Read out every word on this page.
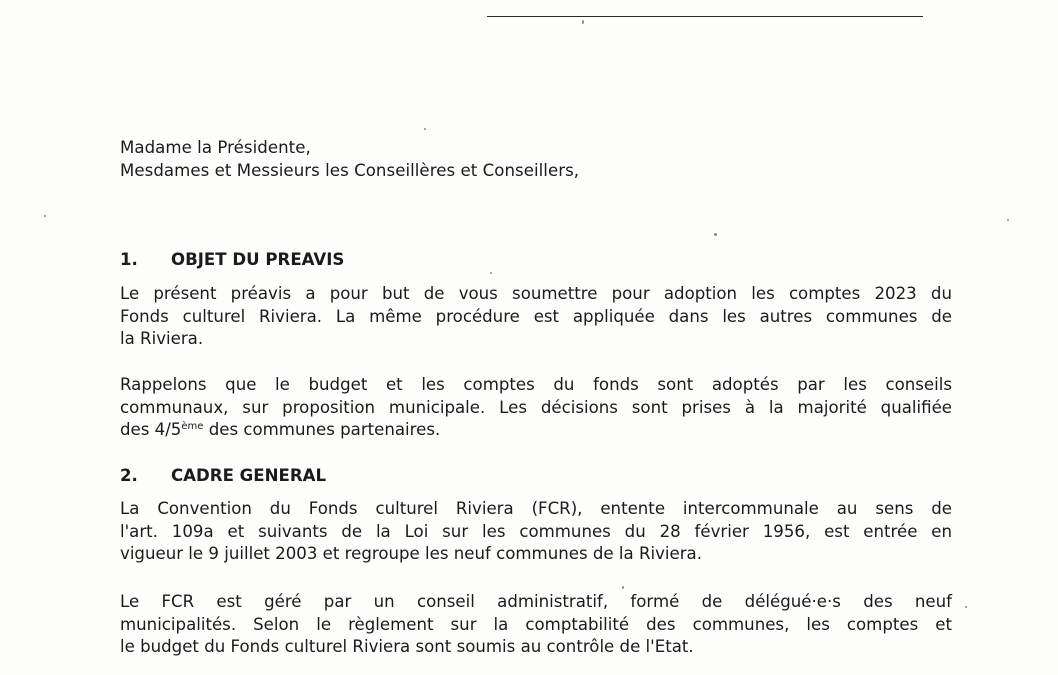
Madame la Présidente,
Mesdames et Messieurs les Conseillères et Conseillers,
1. OBJET DU PREAVIS
Le présent préavis a pour but de vous soumettre pour adoption les comptes 2023 du
Fonds culturel Riviera. La même procédure est appliquée dans les autres communes de
la Riviera.
Rappelons que le budget et les comptes du fonds sont adoptés par les conseils
communaux, sur proposition municipale. Les décisions sont prises à la majorité qualifiée
des 4/5ème des communes partenaires.
2. CADRE GENERAL
La Convention du Fonds culturel Riviera (FCR), entente intercommunale au sens de
l'art. 109a et suivants de la Loi sur les communes du 28 février 1956, est entrée en
vigueur le 9 juillet 2003 et regroupe les neuf communes de la Riviera.
Le FCR est géré par un conseil administratif, formé de délégué·e·s des neuf
municipalités. Selon le règlement sur la comptabilité des communes, les comptes et
le budget du Fonds culturel Riviera sont soumis au contrôle de l'Etat.
